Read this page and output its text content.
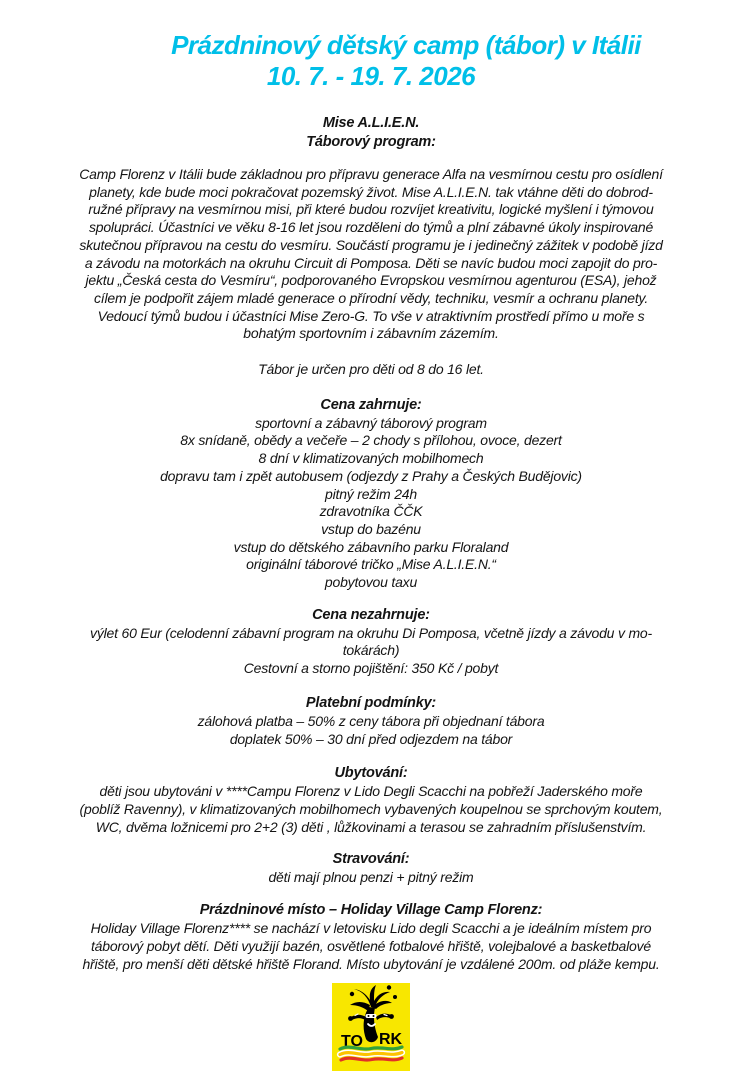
Prázdninový dětský camp (tábor) v Itálii
10. 7. - 19. 7. 2026
Mise A.L.I.E.N.
Táborový program:
Camp Florenz v Itálii bude základnou pro přípravu generace Alfa na vesmírnou cestu pro osídlení
planety, kde bude moci pokračovat pozemský život. Mise A.L.I.E.N. tak vtáhne děti do dobrod-
ružné přípravy na vesmírnou misi, při které budou rozvíjet kreativitu, logické myšlení i týmovou
spolupráci. Účastníci ve věku 8-16 let jsou rozděleni do týmů a plní zábavné úkoly inspirované
skutečnou přípravou na cestu do vesmíru. Součástí programu je i jedinečný zážitek v podobě jízd
a závodu na motorkách na okruhu Circuit di Pomposa. Děti se navíc budou moci zapojit do pro-
jektu „Česká cesta do Vesmíru“, podporovaného Evropskou vesmírnou agenturou (ESA), jehož
cílem je podpořit zájem mladé generace o přírodní vědy, techniku, vesmír a ochranu planety.
Vedoucí týmů budou i účastníci Mise Zero-G. To vše v atraktivním prostředí přímo u moře s
bohatým sportovním i zábavním zázemím.
Tábor je určen pro děti od 8 do 16 let.
Cena zahrnuje:
sportovní a zábavný táborový program
8x snídaně, obědy a večeře – 2 chody s přílohou, ovoce, dezert
8 dní v klimatizovaných mobilhomech
dopravu tam i zpět autobusem (odjezdy z Prahy a Českých Budějovic)
pitný režim 24h
zdravotníka ČČK
vstup do bazénu
vstup do dětského zábavního parku Floraland
originální táborové tričko „Mise A.L.I.E.N.“
pobytovou taxu
Cena nezahrnuje:
výlet 60 Eur (celodenní zábavní program na okruhu Di Pomposa, včetně jízdy a závodu v mo-
tokárách)
Cestovní a storno pojištění: 350 Kč / pobyt
Platební podmínky:
zálohová platba – 50% z ceny tábora při objednaní tábora
doplatek 50% – 30 dní před odjezdem na tábor
Ubytování:
děti jsou ubytováni v ****Campu Florenz v Lido Degli Scacchi na pobřeží Jaderského moře
(poblíž Ravenny), v klimatizovaných mobilhomech vybavených koupelnou se sprchovým koutem,
WC, dvěma ložnicemi pro 2+2 (3) děti , lůžkovinami a terasou se zahradním příslušenstvím.
Stravování:
děti mají plnou penzi + pitný režim
Prázdninové místo – Holiday Village Camp Florenz:
Holiday Village Florenz**** se nachází v letovisku Lido degli Scacchi a je ideálním místem pro
táborový pobyt dětí. Děti využijí bazén, osvětlené fotbalové hřiště, volejbalové a basketbalové
hřiště, pro menší děti dětské hřiště Florand. Místo ubytování je vzdálené 200m. od pláže kempu.
TO RK
